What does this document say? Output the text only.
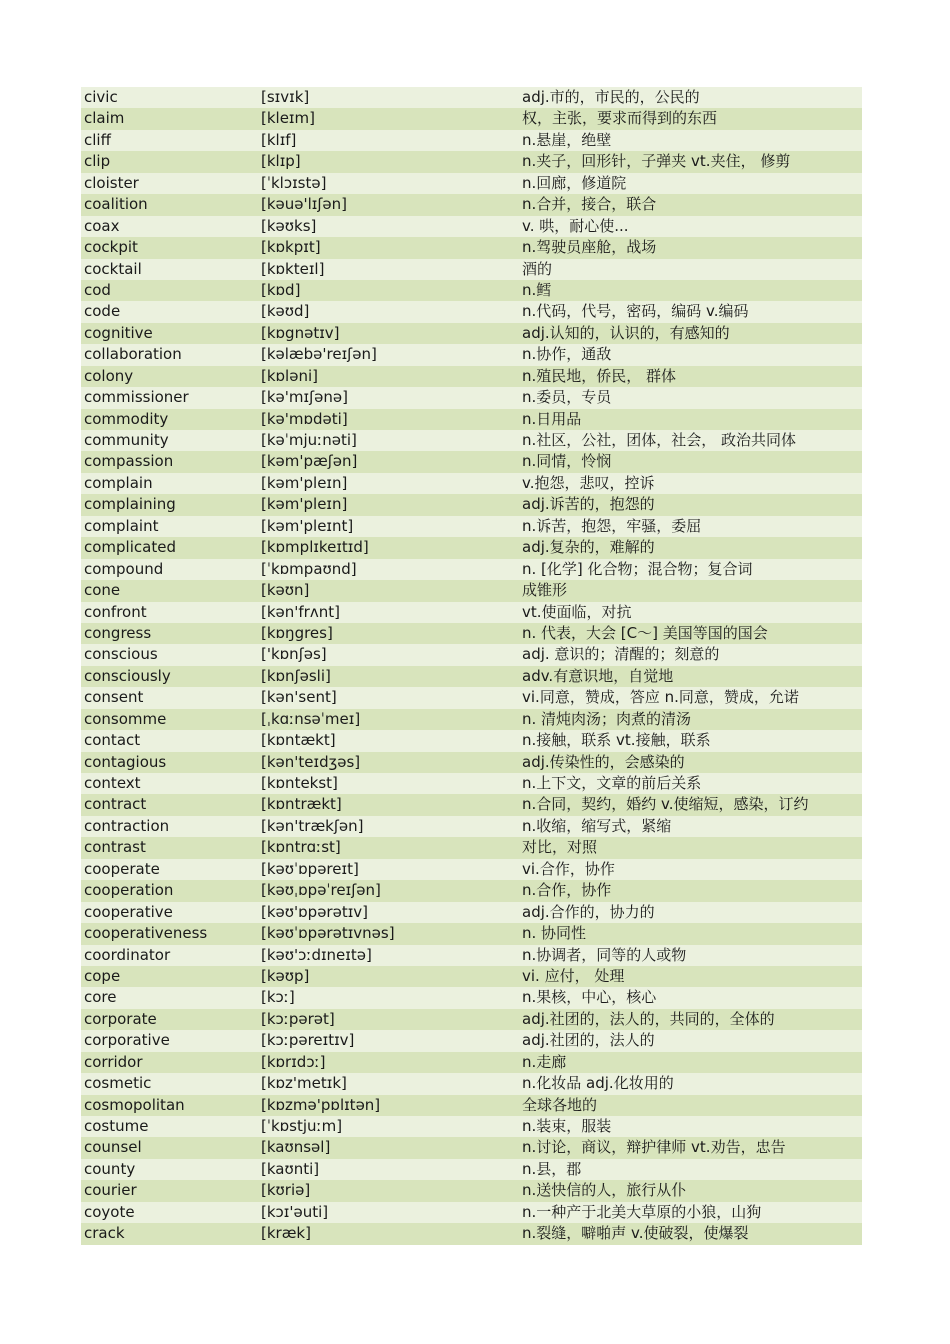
civic	[sɪvɪk]	adj.市的，市民的，公民的
claim	[kleɪm]	权，主张，要求而得到的东西
cliff	[klɪf]	n.悬崖，绝壁
clip	[klɪp]	n.夹子，回形针，子弹夹 vt.夹住， 修剪
cloister	[ˈklɔɪstə]	n.回廊，修道院
coalition	[kəuə'lɪʃən]	n.合并，接合，联合
coax	[kəʊks]	v. 哄，耐心使...
cockpit	[kɒkpɪt]	n.驾驶员座舱，战场
cocktail	[kɒkteɪl]	酒的
cod	[kɒd]	n.鳕
code	[kəʊd]	n.代码，代号，密码，编码 v.编码
cognitive	[kɒgnətɪv]	adj.认知的，认识的，有感知的
collaboration	[kəlæbə'reɪʃən]	n.协作，通敌
colony	[kɒləni]	n.殖民地，侨民， 群体
commissioner	[kə'mɪʃənə]	n.委员，专员
commodity	[kə'mɒdəti]	n.日用品
community	[kəˈmjuːnəti]	n.社区，公社，团体，社会， 政治共同体
compassion	[kəm'pæʃən]	n.同情，怜悯
complain	[kəm'pleɪn]	v.抱怨，悲叹，控诉
complaining	[kəm'pleɪn]	adj.诉苦的，抱怨的
complaint	[kəm'pleɪnt]	n.诉苦，抱怨，牢骚，委屈
complicated	[kɒmplɪkeɪtɪd]	adj.复杂的，难解的
compound	[ˈkɒmpaʊnd]	n. [化学] 化合物；混合物；复合词
cone	[kəʊn]	成锥形
confront	[kən'frʌnt]	vt.使面临，对抗
congress	[kɒŋgres]	n. 代表，大会 [C～] 美国等国的国会
conscious	['kɒnʃəs]	adj. 意识的；清醒的；刻意的
consciously	[kɒnʃəsli]	adv.有意识地，自觉地
consent	[kən'sent]	vi.同意，赞成，答应 n.同意，赞成，允诺
consomme	[ˌkɑːnsəˈmeɪ]	n. 清炖肉汤；肉煮的清汤
contact	[kɒntækt]	n.接触，联系 vt.接触，联系
contagious	[kən'teɪdʒəs]	adj.传染性的，会感染的
context	[kɒntekst]	n.上下文，文章的前后关系
contract	[kɒntrækt]	n.合同，契约，婚约 v.使缩短，感染，订约
contraction	[kən'trækʃən]	n.收缩，缩写式，紧缩
contrast	[kɒntrɑːst]	对比，对照
cooperate	[kəʊˈɒpəreɪt]	vi.合作，协作
cooperation	[kəʊˌɒpəˈreɪʃən]	n.合作，协作
cooperative	[kəʊ'ɒpərətɪv]	adj.合作的，协力的
cooperativeness	[kəʊˈɒpərətɪvnəs]	n. 协同性
coordinator	[kəʊ'ɔːdɪneɪtə]	n.协调者，同等的人或物
cope	[kəʊp]	vi. 应付， 处理
core	[kɔː]	n.果核，中心，核心
corporate	[kɔːpərət]	adj.社团的，法人的，共同的，全体的
corporative	[kɔːpəreɪtɪv]	adj.社团的，法人的
corridor	[kɒrɪdɔː]	n.走廊
cosmetic	[kɒz'metɪk]	n.化妆品 adj.化妆用的
cosmopolitan	[kɒzmə'pɒlɪtən]	全球各地的
costume	[ˈkɒstjuːm]	n.装束，服装
counsel	[kaʊnsəl]	n.讨论，商议，辩护律师 vt.劝告，忠告
county	[kaʊnti]	n.县，郡
courier	[kʊriə]	n.送快信的人，旅行从仆
coyote	[kɔɪ'əuti]	n.一种产于北美大草原的小狼，山狗
crack	[kræk]	n.裂缝，噼啪声 v.使破裂，使爆裂
